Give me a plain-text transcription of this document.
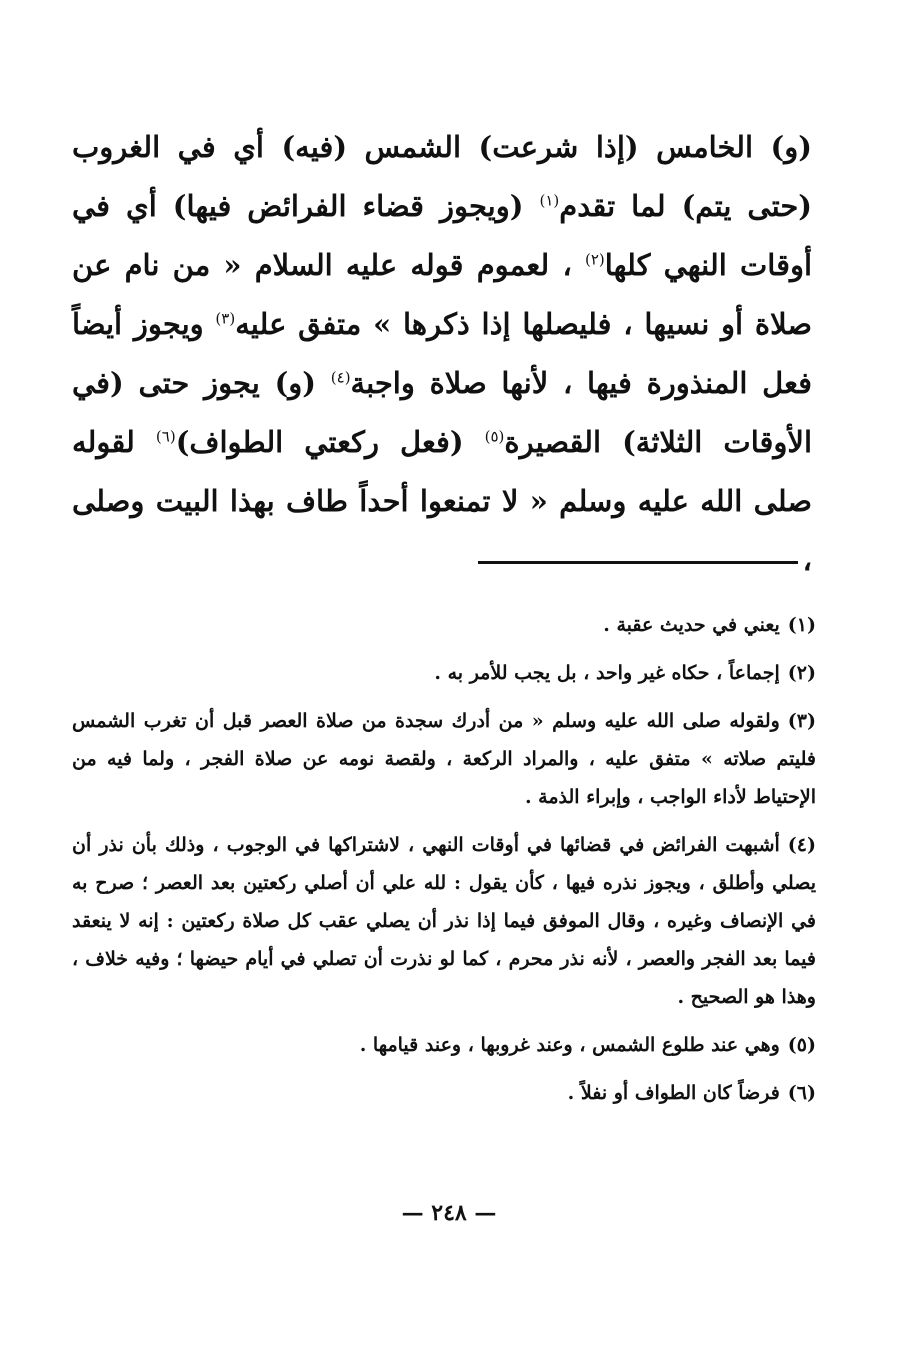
(و) الخامس (إذا شرعت) الشمس (فيه) أي في الغروب (حتى يتم) لما تقدم$^{(١)}$ (ويجوز قضاء الفرائض فيها) أي في أوقات النهي كلها$^{(٢)}$ ، لعموم قوله عليه السلام « من نام عن صلاة أو نسيها ، فليصلها إذا ذكرها » متفق عليه$^{(٣)}$ ويجوز أيضاً فعل المنذورة فيها ، لأنها صلاة واجبة$^{(٤)}$ (و) يجوز حتى (في الأوقات الثلاثة) القصيرة$^{(٥)}$ (فعل ركعتي الطواف)$^{(٦)}$ لقوله صلى الله عليه وسلم « لا تمنعوا أحداً طاف بهذا البيت وصلى ،

(١)يعني في حديث عقبة .

(٢)إجماعاً ، حكاه غير واحد ، بل يجب للأمر به .

(٣)ولقوله صلى الله عليه وسلم « من أدرك سجدة من صلاة العصر قبل أن تغرب الشمس فليتم صلاته » متفق عليه ، والمراد الركعة ، ولقصة نومه عن صلاة الفجر ، ولما فيه من الإحتياط لأداء الواجب ، وإبراء الذمة .

(٤)أشبهت الفرائض في قضائها في أوقات النهي ، لاشتراكها في الوجوب ، وذلك بأن نذر أن يصلي وأطلق ، ويجوز نذره فيها ، كأن يقول : لله علي أن أصلي ركعتين بعد العصر ؛ صرح به في الإنصاف وغيره ، وقال الموفق فيما إذا نذر أن يصلي عقب كل صلاة ركعتين : إنه لا ينعقد فيما بعد الفجر والعصر ، لأنه نذر محرم ، كما لو نذرت أن تصلي في أيام حيضها ؛ وفيه خلاف ، وهذا هو الصحيح .

(٥)وهي عند طلوع الشمس ، وعند غروبها ، وعند قيامها .

(٦)فرضاً كان الطواف أو نفلاً .

— ٢٤٨ —
